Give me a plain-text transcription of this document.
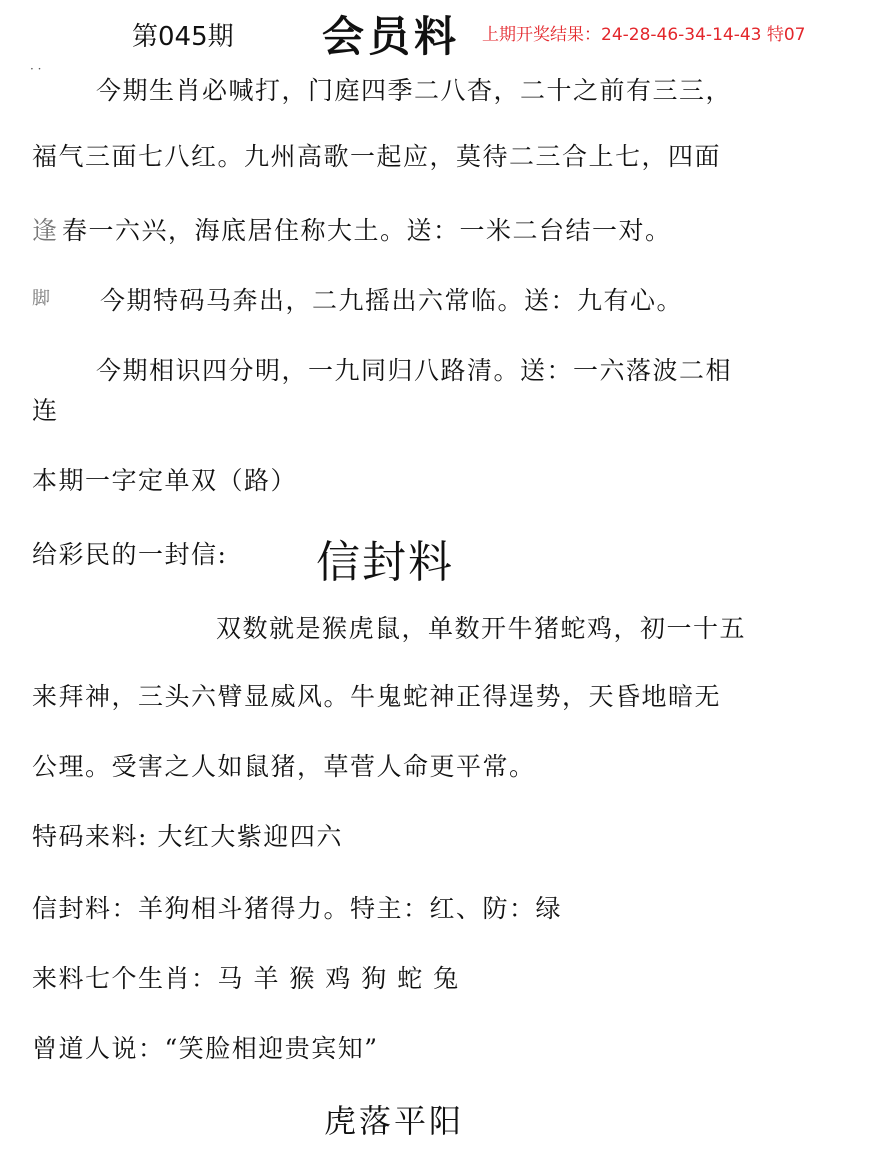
第045期 会员料 上期开奖结果：24-28-46-34-14-43 特07
· ·
今期生肖必喊打，门庭四季二八杳，二十之前有三三，
福气三面七八红。九州高歌一起应，莫待二三合上七，四面
逢 春一六兴，海底居住称大土。送：一米二台结一对。
脚 今期特码马奔出，二九摇出六常临。送：九有心。
今期相识四分明，一九同归八路清。送：一六落波二相
连
本期一字定单双（路）
给彩民的一封信: 信封料
双数就是猴虎鼠，单数开牛猪蛇鸡，初一十五
来拜神，三头六臂显威风。牛鬼蛇神正得逞势，天昏地暗无
公理。受害之人如鼠猪，草菅人命更平常。
特码来料: 大红大紫迎四六
信封料：羊狗相斗猪得力。特主：红、防：绿
来料七个生肖：马 羊 猴 鸡 狗 蛇 兔
曾道人说：“笑脸相迎贵宾知”
虎落平阳
